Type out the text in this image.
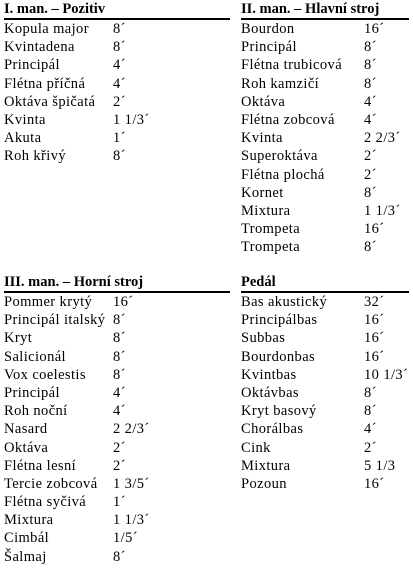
I. man. – Pozitiv
Kopula major 8´
Kvintadena	8´
Principál	4´
Flétna příčná 4´
Oktáva špičatá 2´
Kvinta	1 1/3´
Akuta	1´
Roh křivý	8´
II. man. – Hlavní stroj
Bourdon	16´
Principál	8´
Flétna trubicová 8´
Roh kamzičí	8´
Oktáva	4´
Flétna zobcová 4´
Kvinta	2 2/3´
Superoktáva	2´
Flétna plochá	2´
Kornet	8´
Mixtura	1 1/3´
Trompeta	16´
Trompeta	8´
III. man. – Horní stroj
Pommer krytý 16´
Principál italský 8´
Kryt	8´
Salicionál	8´
Vox coelestis 8´
Principál	4´
Roh noční	4´
Nasard	2 2/3´
Oktáva	2´
Flétna lesní	2´
Tercie zobcová 1 3/5´
Flétna syčivá 1´
Mixtura	1 1/3´
Cimbál	1/5´
Šalmaj	8´
Pedál
Bas akustický	32´
Principálbas	16´
Subbas	16´
Bourdonbas	16´
Kvintbas	10 1/3´
Oktávbas	8´
Kryt basový	8´
Chorálbas	4´
Cink	2´
Mixtura	5 1/3
Pozoun	16´
